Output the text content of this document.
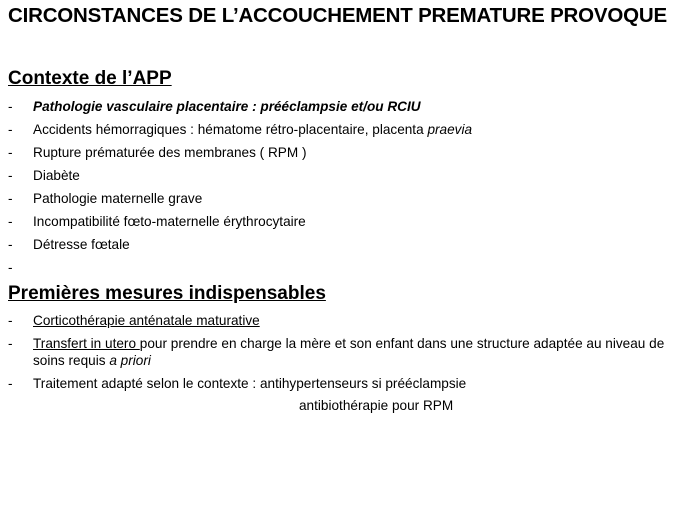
CIRCONSTANCES DE L’ACCOUCHEMENT PREMATURE PROVOQUE
Contexte de l’APP
- Pathologie vasculaire placentaire : prééclampsie et/ou RCIU
- Accidents hémorragiques : hématome rétro-placentaire, placenta praevia
- Rupture prématurée des membranes ( RPM )
- Diabète
- Pathologie maternelle grave
- Incompatibilité fœto-maternelle érythrocytaire
- Détresse fœtale
-
Premières mesures indispensables
- Corticothérapie anténatale maturative
- Transfert in utero pour prendre en charge la mère et son enfant dans une structure adaptée au niveau de soins requis a priori
- Traitement adapté selon le contexte : antihypertenseurs si prééclampsie
antibiothérapie pour RPM
